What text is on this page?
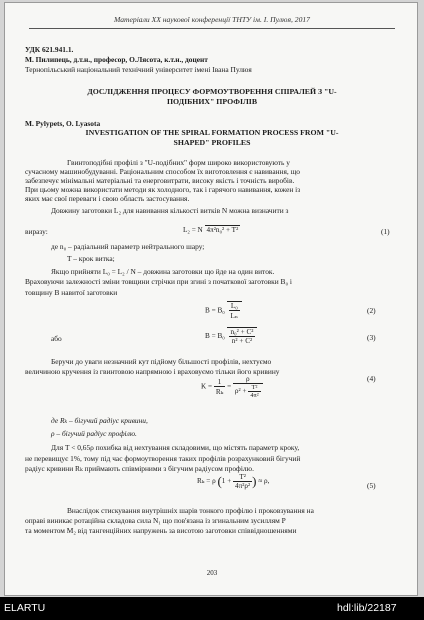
Матеріали XX наукової конференції ТНТУ ім. І. Пулюя, 2017
УДК 621.941.1.
М. Пилипець, д.т.н., професор, О.Лясота, к.т.н., доцент
Тернопільський національний технічний університет імені Івана Пулюя
ДОСЛІДЖЕННЯ ПРОЦЕСУ ФОРМОУТВОРЕННЯ СПІРАЛЕЙ З "U-
ПОДІБНИХ" ПРОФІЛІВ
M. Pylypets, O. Lyasota
INVESTIGATION OF THE SPIRAL FORMATION PROCESS FROM "U-
SHAPED" PROFILES
Гвинтоподібні профілі з "U-подібних" форм широко використовують у
сучасному машинобудуванні. Раціональним способом їх виготовлення є навивання, що
забезпечує мінімальні матеріальні та енерговитрати, високу якість і точність виробів.
При цьому можна використати методи як холодного, так і гарячого навивання, кожен із
яких має свої переваги і свою область застосування.
Довжину заготовки L₂ для навивання кількості витків N можна визначити з
виразу:	L₂ = N 4π²n₀² + T²	(1)
де n₀ – радіальний параметр нейтрального шару;
T – крок витка;
Якщо прийняти L₀ = L₂ / N – довжина заготовки що йде на один виток.
Враховуючи залежності зміни товщини стрічки при згині з початкової заготовки B₀ і
товщину B навитої заготовки
$B = B_0 \frac{\text{L₀}}{\text{Lₙ}}$	(2)
або	$B = B_0 \frac{\text{n₀² + C²}}{\text{n² + C²}}$	(3)
Беручи до уваги незначний кут підйому більшості профілів, нехтуємо
величиною кручення із гвинтовою напрямною і враховуємо тільки його кривину
$K = \frac{1}{\text{Rₖ}} = \frac{\rho}{\rho^2 + \frac{\text{T²}}{\text{4π²}}}$	(4)
де Rₖ – бігучий радіус кривини,
ρ – бігучий радіус профілю.
Для T < 0,65ρ похибка від нехтування складовими, що містять параметр кроку,
не перевищує 1%, тому під час формоутворення таких профілів розрахунковий бігучий
радіус кривини Rₖ приймають співмірними з бігучим радіусом профілю.
Rₖ = ρ ($1 + \frac{\text{T²}}{\text{4π²ρ²}}$ ) ≈ ρ,	(5)
Внаслідок стискування внутрішніх шарів тонкого профілю і проковзування на
оправі виникає ротаційна складова сила N₁ що пов'язана із згинальним зусиллям P
та моментом M₂ від тангенційних напружень за висотою заготовки співвідношеннями
203
ELARTU	hdl:lib/22187
